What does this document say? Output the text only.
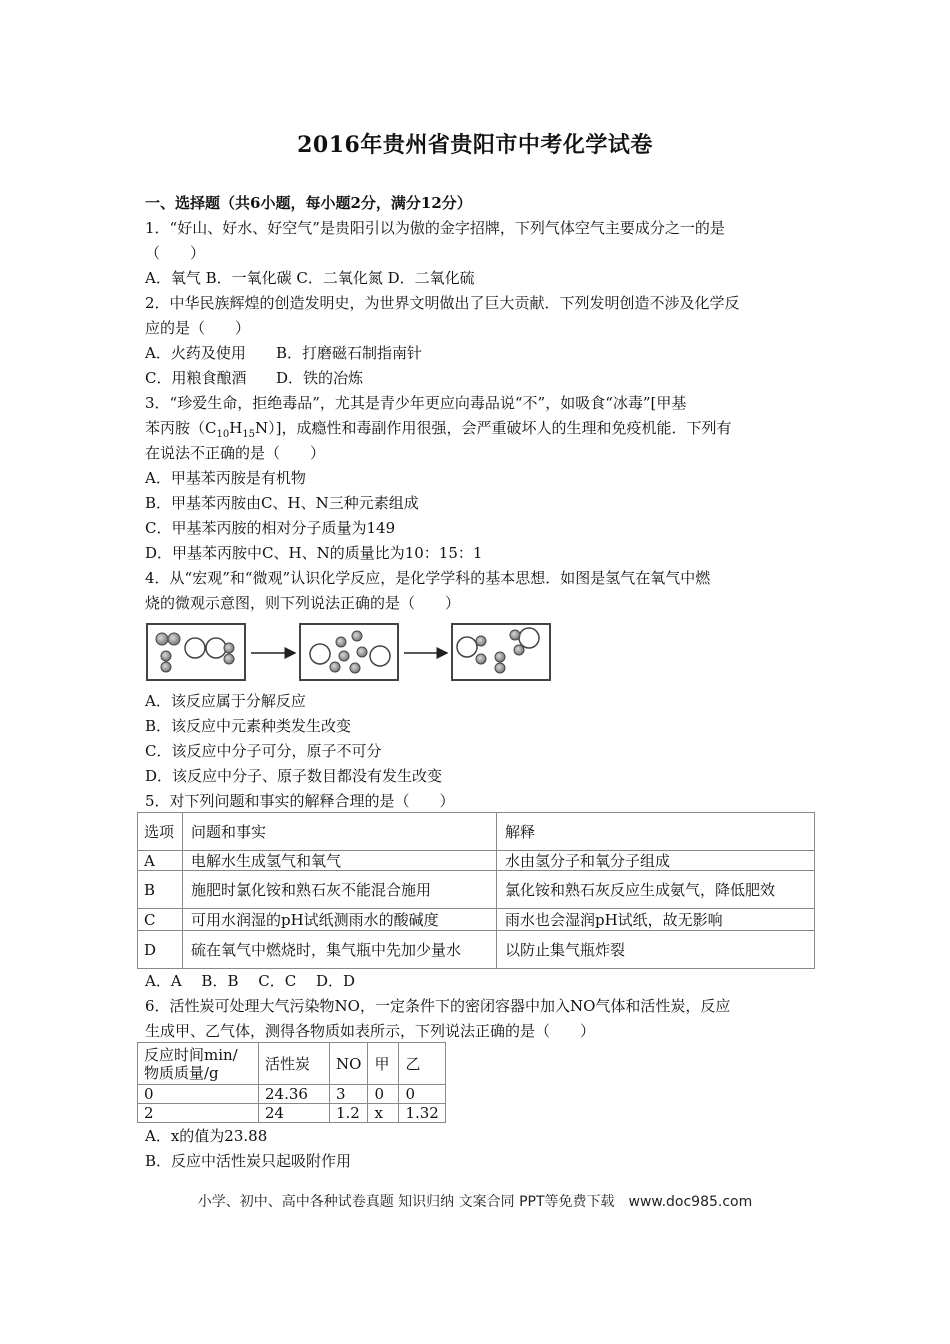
2016年贵州省贵阳市中考化学试卷
一、选择题（共6小题，每小题2分，满分12分）
1．“好山、好水、好空气”是贵阳引以为傲的金字招牌，下列气体空气主要成分之一的是
（　　）
A．氧气 B．一氧化碳 C．二氧化氮 D．二氧化硫
2．中华民族辉煌的创造发明史，为世界文明做出了巨大贡献．下列发明创造不涉及化学反
应的是（　　）
A．火药及使用 B．打磨磁石制指南针
C．用粮食酿酒 D．铁的冶炼
3．“珍爱生命，拒绝毒品”，尤其是青少年更应向毒品说“不”，如吸食“冰毒”[甲基
苯丙胺$(C_{10}H_{15}N)$]，成瘾性和毒副作用很强，会严重破坏人的生理和免疫机能．下列有
在说法不正确的是（　　）
A．甲基苯丙胺是有机物
B．甲基苯丙胺由C、H、N三种元素组成
C．甲基苯丙胺的相对分子质量为149
D．甲基苯丙胺中C、H、N的质量比为10：15：1
4．从“宏观”和“微观”认识化学反应，是化学学科的基本思想．如图是氢气在氧气中燃
烧的微观示意图，则下列说法正确的是（　　）
A．该反应属于分解反应
B．该反应中元素种类发生改变
C．该反应中分子可分，原子不可分
D．该反应中分子、原子数目都没有发生改变
5．对下列问题和事实的解释合理的是（　　）
选项	问题和事实	解释
A	电解水生成氢气和氧气	水由氢分子和氧分子组成
B	施肥时氯化铵和熟石灰不能混合施用	氯化铵和熟石灰反应生成氨气，降低肥效
C	可用水润湿的pH试纸测雨水的酸碱度	雨水也会湿润pH试纸，故无影响
D	硫在氧气中燃烧时，集气瓶中先加少量水	以防止集气瓶炸裂
A．A　 B．B　 C．C　 D．D
6．活性炭可处理大气污染物NO，一定条件下的密闭容器中加入NO气体和活性炭，反应
生成甲、乙气体，测得各物质如表所示，下列说法正确的是（　　）
反应时间min/物质质量/g	活性炭	NO	甲	乙
0	24.36	3	0	0
2	24	1.2	x	1.32
A．x的值为23.88
B．反应中活性炭只起吸附作用
小学、初中、高中各种试卷真题 知识归纳 文案合同 PPT等免费下载　www.doc985.com
